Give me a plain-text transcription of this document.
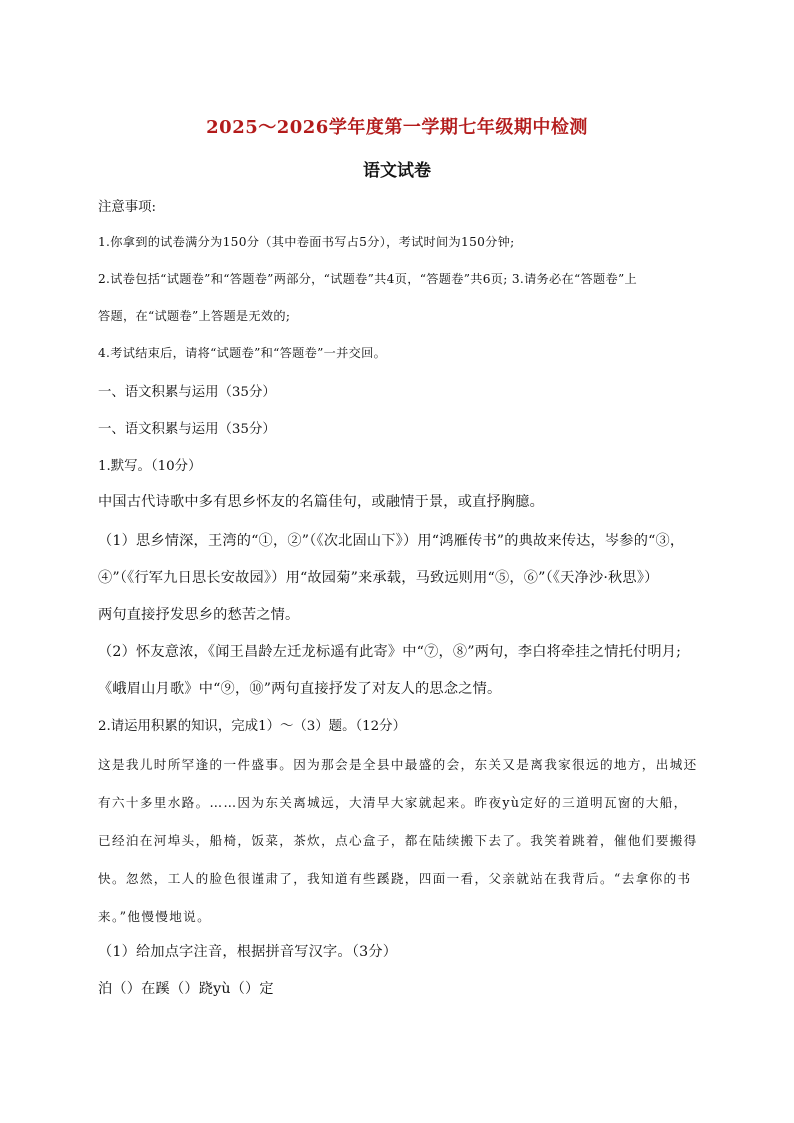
2025～2026学年度第一学期七年级期中检测
语文试卷
注意事项:
1.你拿到的试卷满分为150分（其中卷面书写占5分），考试时间为150分钟;
2.试卷包括“试题卷”和“答题卷”两部分，“试题卷”共4页，“答题卷”共6页; 3.请务必在“答题卷”上
答题，在“试题卷”上答题是无效的;
4.考试结束后，请将“试题卷”和“答题卷”一并交回。
一、语文积累与运用（35分）
一、语文积累与运用（35分）
1.默写。（10分）
中国古代诗歌中多有思乡怀友的名篇佳句，或融情于景，或直抒胸臆。
（1）思乡情深，王湾的“①，②”（《次北固山下》）用“鸿雁传书”的典故来传达，岑参的“③，
④”（《行军九日思长安故园》）用“故园菊”来承载，马致远则用“⑤，⑥”（《天净沙·秋思》）
两句直接抒发思乡的愁苦之情。
（2）怀友意浓，《闻王昌龄左迁龙标遥有此寄》中“⑦，⑧”两句，李白将牵挂之情托付明月;
《峨眉山月歌》中“⑨，⑩”两句直接抒发了对友人的思念之情。
2.请运用积累的知识，完成1）～（3）题。（12分）
这是我儿时所罕逢的一件盛事。因为那会是全县中最盛的会，东关又是离我家很远的地方，出城还
有六十多里水路。……因为东关离城远，大清早大家就起来。昨夜yù定好的三道明瓦窗的大船，
已经泊在河埠头，船椅，饭菜，茶炊，点心盒子，都在陆续搬下去了。我笑着跳着，催他们要搬得
快。忽然，工人的脸色很谨肃了，我知道有些蹊跷，四面一看，父亲就站在我背后。“去拿你的书
来。”他慢慢地说。
（1）给加点字注音，根据拼音写汉字。（3分）
泊（）在蹊（）跷yù（）定
